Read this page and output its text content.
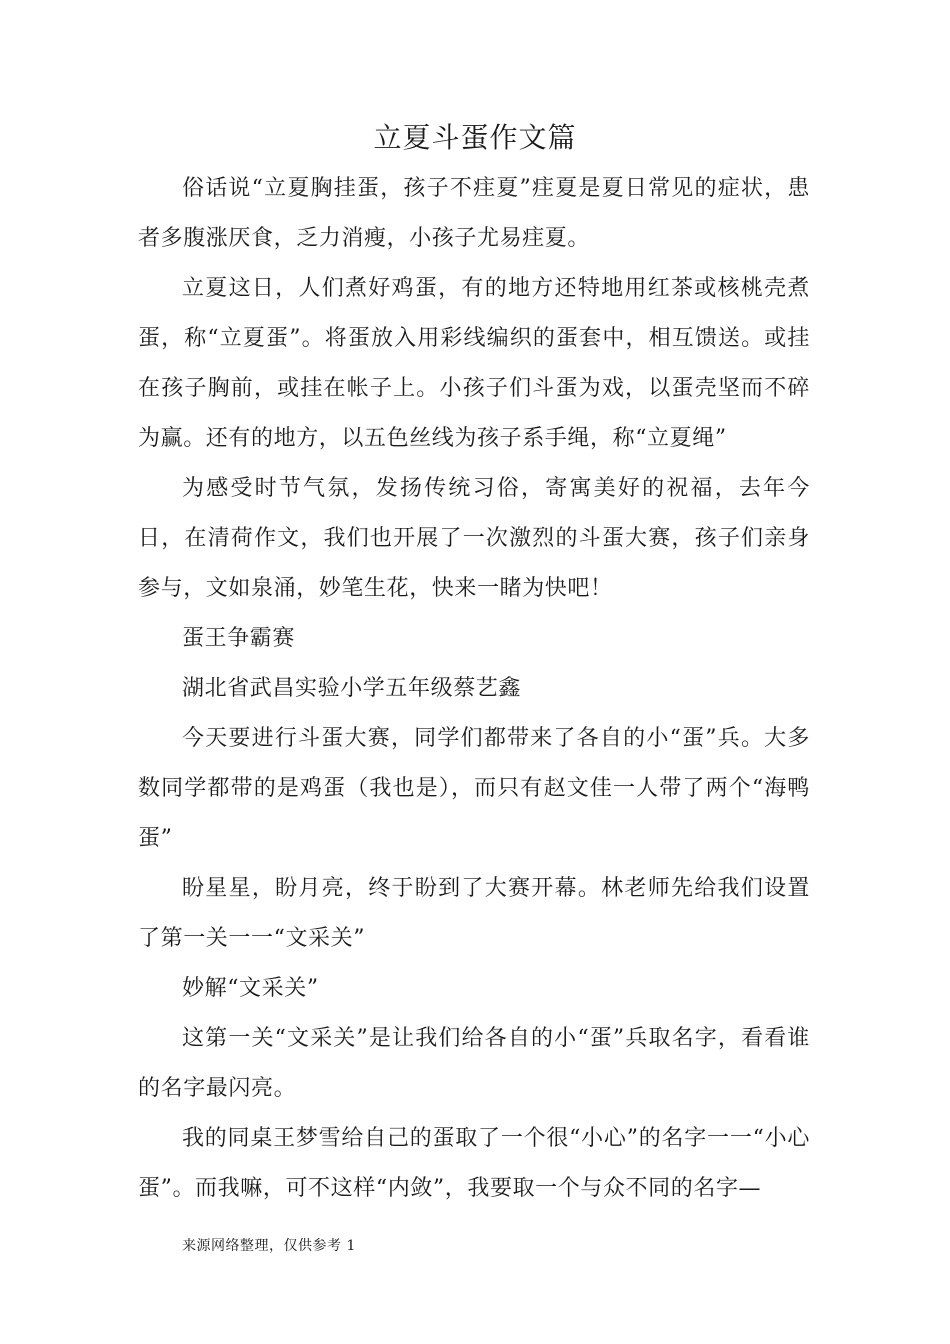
立夏斗蛋作文篇

俗话说“立夏胸挂蛋，孩子不疰夏”疰夏是夏日常见的症状，患者多腹涨厌食，乏力消瘦，小孩子尤易疰夏。

立夏这日，人们煮好鸡蛋，有的地方还特地用红茶或核桃壳煮蛋，称“立夏蛋”。将蛋放入用彩线编织的蛋套中，相互馈送。或挂在孩子胸前，或挂在帐子上。小孩子们斗蛋为戏，以蛋壳坚而不碎为赢。还有的地方，以五色丝线为孩子系手绳，称“立夏绳”

为感受时节气氛，发扬传统习俗，寄寓美好的祝福，去年今日，在清荷作文，我们也开展了一次激烈的斗蛋大赛，孩子们亲身参与，文如泉涌，妙笔生花，快来一睹为快吧！

蛋王争霸赛

湖北省武昌实验小学五年级蔡艺鑫

今天要进行斗蛋大赛，同学们都带来了各自的小“蛋”兵。大多数同学都带的是鸡蛋（我也是），而只有赵文佳一人带了两个“海鸭蛋”

盼星星，盼月亮，终于盼到了大赛开幕。林老师先给我们设置了第一关一一“文采关”

妙解“文采关”

这第一关“文采关”是让我们给各自的小“蛋”兵取名字，看看谁的名字最闪亮。

我的同桌王梦雪给自己的蛋取了一个很“小心”的名字一一“小心蛋”。而我嘛，可不这样“内敛”，我要取一个与众不同的名字—

来源网络整理，仅供参考 1
